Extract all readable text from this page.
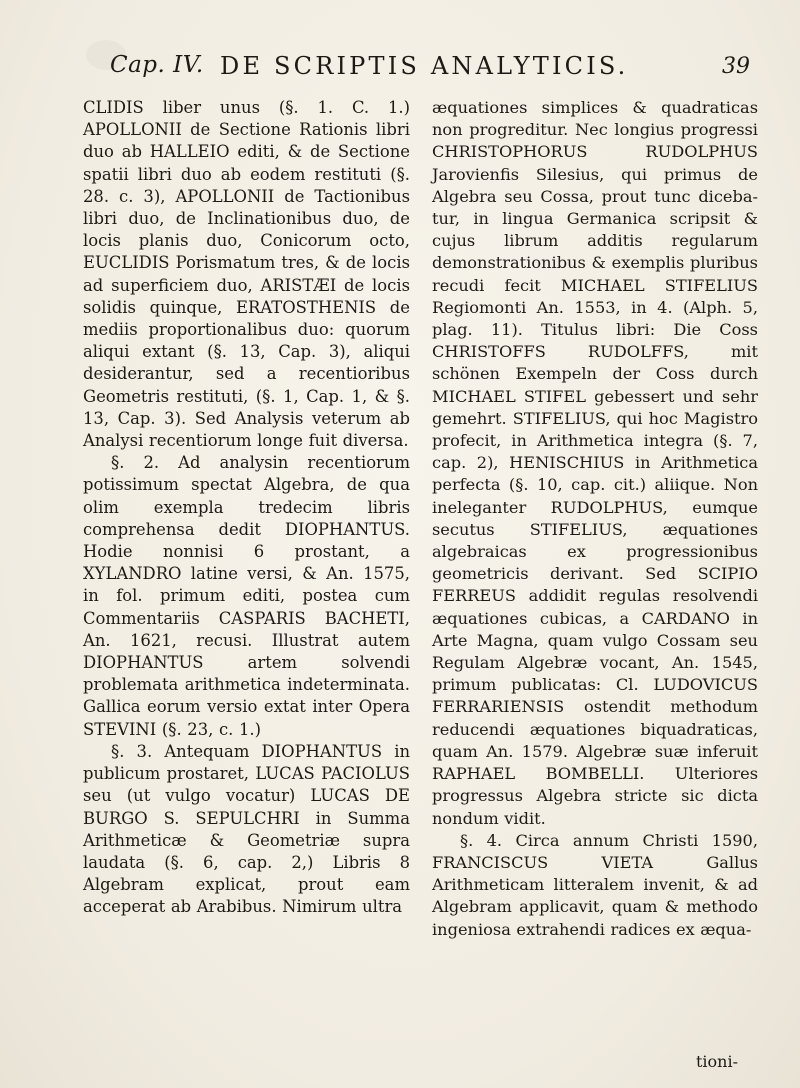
Cap. IV. DE SCRIPTIS ANALYTICIS.	39

CLIDIS liber unus (§. 1. C. 1.) APOLLONII de Sectione Rationis libri duo ab HALLEIO editi, & de Sectione spatii libri duo ab eodem restituti (§. 28. c. 3), APOLLONII de Tactionibus libri duo, de Inclinationibus duo, de locis planis duo, Conicorum octo, EUCLIDIS Porismatum tres, & de locis ad superficiem duo, ARISTÆI de locis solidis quinque, ERATOSTHENIS de mediis proportionalibus duo: quorum aliqui extant (§. 13, Cap. 3), aliqui desiderantur, sed a recentioribus Geometris restituti, (§. 1, Cap. 1, & §. 13, Cap. 3). Sed Analysis veterum ab Analysi recentiorum longe fuit diversa.

§. 2. Ad analysin recentiorum potissimum spectat Algebra, de qua olim exempla tredecim libris comprehensa dedit DIOPHANTUS. Hodie nonnisi 6 prostant, a XYLANDRO latine versi, & An. 1575, in fol. primum editi, postea cum Commentariis CASPARIS BACHETI, An. 1621, recusi. Illustrat autem DIOPHANTUS artem solvendi problemata arithmetica indeterminata. Gallica eorum versio extat inter Opera STEVINI (§. 23, c. 1.)

§. 3. Antequam DIOPHANTUS in publicum prostaret, LUCAS PACIOLUS seu (ut vulgo vocatur) LUCAS DE BURGO S. SEPULCHRI in Summa Arithmeticæ & Geometriæ supra laudata (§. 6, cap. 2,) Libris 8 Algebram explicat, prout eam acceperat ab Arabibus. Nimirum ultra

æquationes simplices & quadraticas non progreditur. Nec longius progressi CHRISTOPHORUS RUDOLPHUS Jarovienfis Silesius, qui primus de Algebra seu Cossa, prout tunc diceba- tur, in lingua Germanica scripsit & cujus librum additis regularum demonstrationibus & exemplis pluribus recudi fecit MICHAEL STIFELIUS Regiomonti An. 1553, in 4. (Alph. 5, plag. 11). Titulus libri: Die Coss CHRISTOFFS RUDOLFFS, mit schönen Exempeln der Coss durch MICHAEL STIFEL gebessert und sehr gemehrt. STIFELIUS, qui hoc Magistro profecit, in Arithmetica integra (§. 7, cap. 2), HENISCHIUS in Arithmetica perfecta (§. 10, cap. cit.) aliique. Non ineleganter RUDOLPHUS, eumque secutus STIFELIUS, æquationes algebraicas ex progressionibus geometricis derivant. Sed SCIPIO FERREUS addidit regulas resolvendi æquationes cubicas, a CARDANO in Arte Magna, quam vulgo Cossam seu Regulam Algebræ vocant, An. 1545, primum publicatas: Cl. LUDOVICUS FERRARIENSIS ostendit methodum reducendi æquationes biquadraticas, quam An. 1579. Algebræ suæ inferuit RAPHAEL BOMBELLI. Ulteriores progressus Algebra stricte sic dicta nondum vidit.

§. 4. Circa annum Christi 1590, FRANCISCUS VIETA Gallus Arithmeticam litteralem invenit, & ad Algebram applicavit, quam & methodo ingeniosa extrahendi radices ex æqua-

tioni-
